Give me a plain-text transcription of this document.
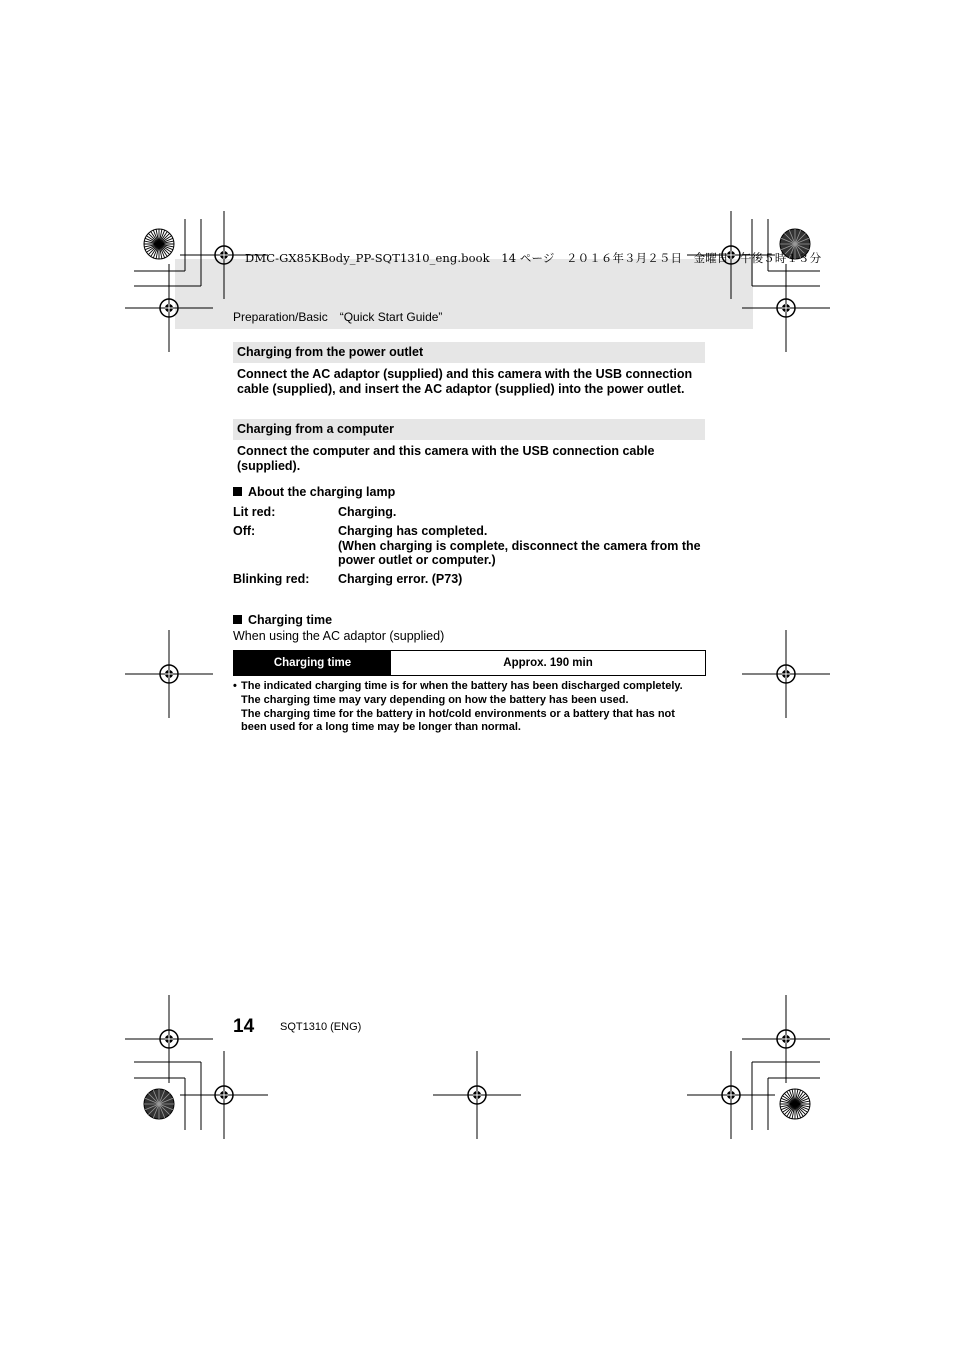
DMC-GX85KBody_PP-SQT1310_eng.book　14 ページ　２０１６年３月２５日　金曜日　午後５時１３分
Preparation/Basic　“Quick Start Guide”
Charging from the power outlet
Connect the AC adaptor (supplied) and this camera with the USB connection cable (supplied), and insert the AC adaptor (supplied) into the power outlet.
Charging from a computer
Connect the computer and this camera with the USB connection cable (supplied).
About the charging lamp
Lit red:	Charging.
Off:	Charging has completed.
(When charging is complete, disconnect the camera from the power outlet or computer.)
Blinking red: Charging error. (P73)
Charging time
When using the AC adaptor (supplied)
Charging time	Approx. 190 min
• The indicated charging time is for when the battery has been discharged completely.
The charging time may vary depending on how the battery has been used.
The charging time for the battery in hot/cold environments or a battery that has not been used for a long time may be longer than normal.
14 SQT1310 (ENG)
